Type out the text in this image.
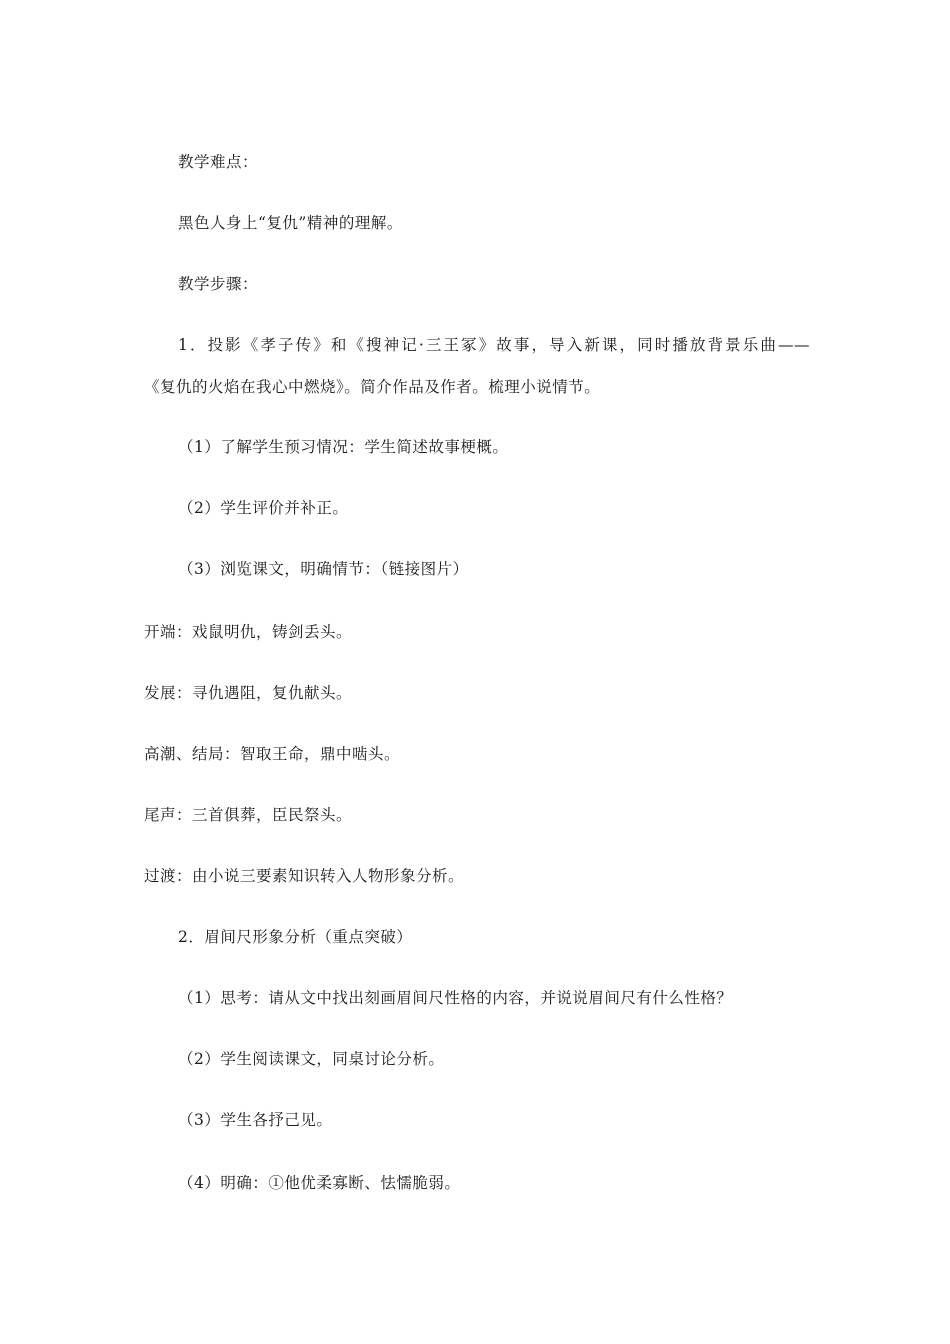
教学难点：
黑色人身上“复仇”精神的理解。
教学步骤：
1．投影《孝子传》和《搜神记·三王冢》故事，导入新课，同时播放背景乐曲——
《复仇的火焰在我心中燃烧》。简介作品及作者。梳理小说情节。
（1）了解学生预习情况：学生简述故事梗概。
（2）学生评价并补正。
（3）浏览课文，明确情节：（链接图片）
开端：戏鼠明仇，铸剑丢头。
发展：寻仇遇阻，复仇献头。
高潮、结局：智取王命，鼎中啮头。
尾声：三首俱葬，臣民祭头。
过渡：由小说三要素知识转入人物形象分析。
2．眉间尺形象分析（重点突破）
（1）思考：请从文中找出刻画眉间尺性格的内容，并说说眉间尺有什么性格？
（2）学生阅读课文，同桌讨论分析。
（3）学生各抒己见。
（4）明确：①他优柔寡断、怯懦脆弱。
